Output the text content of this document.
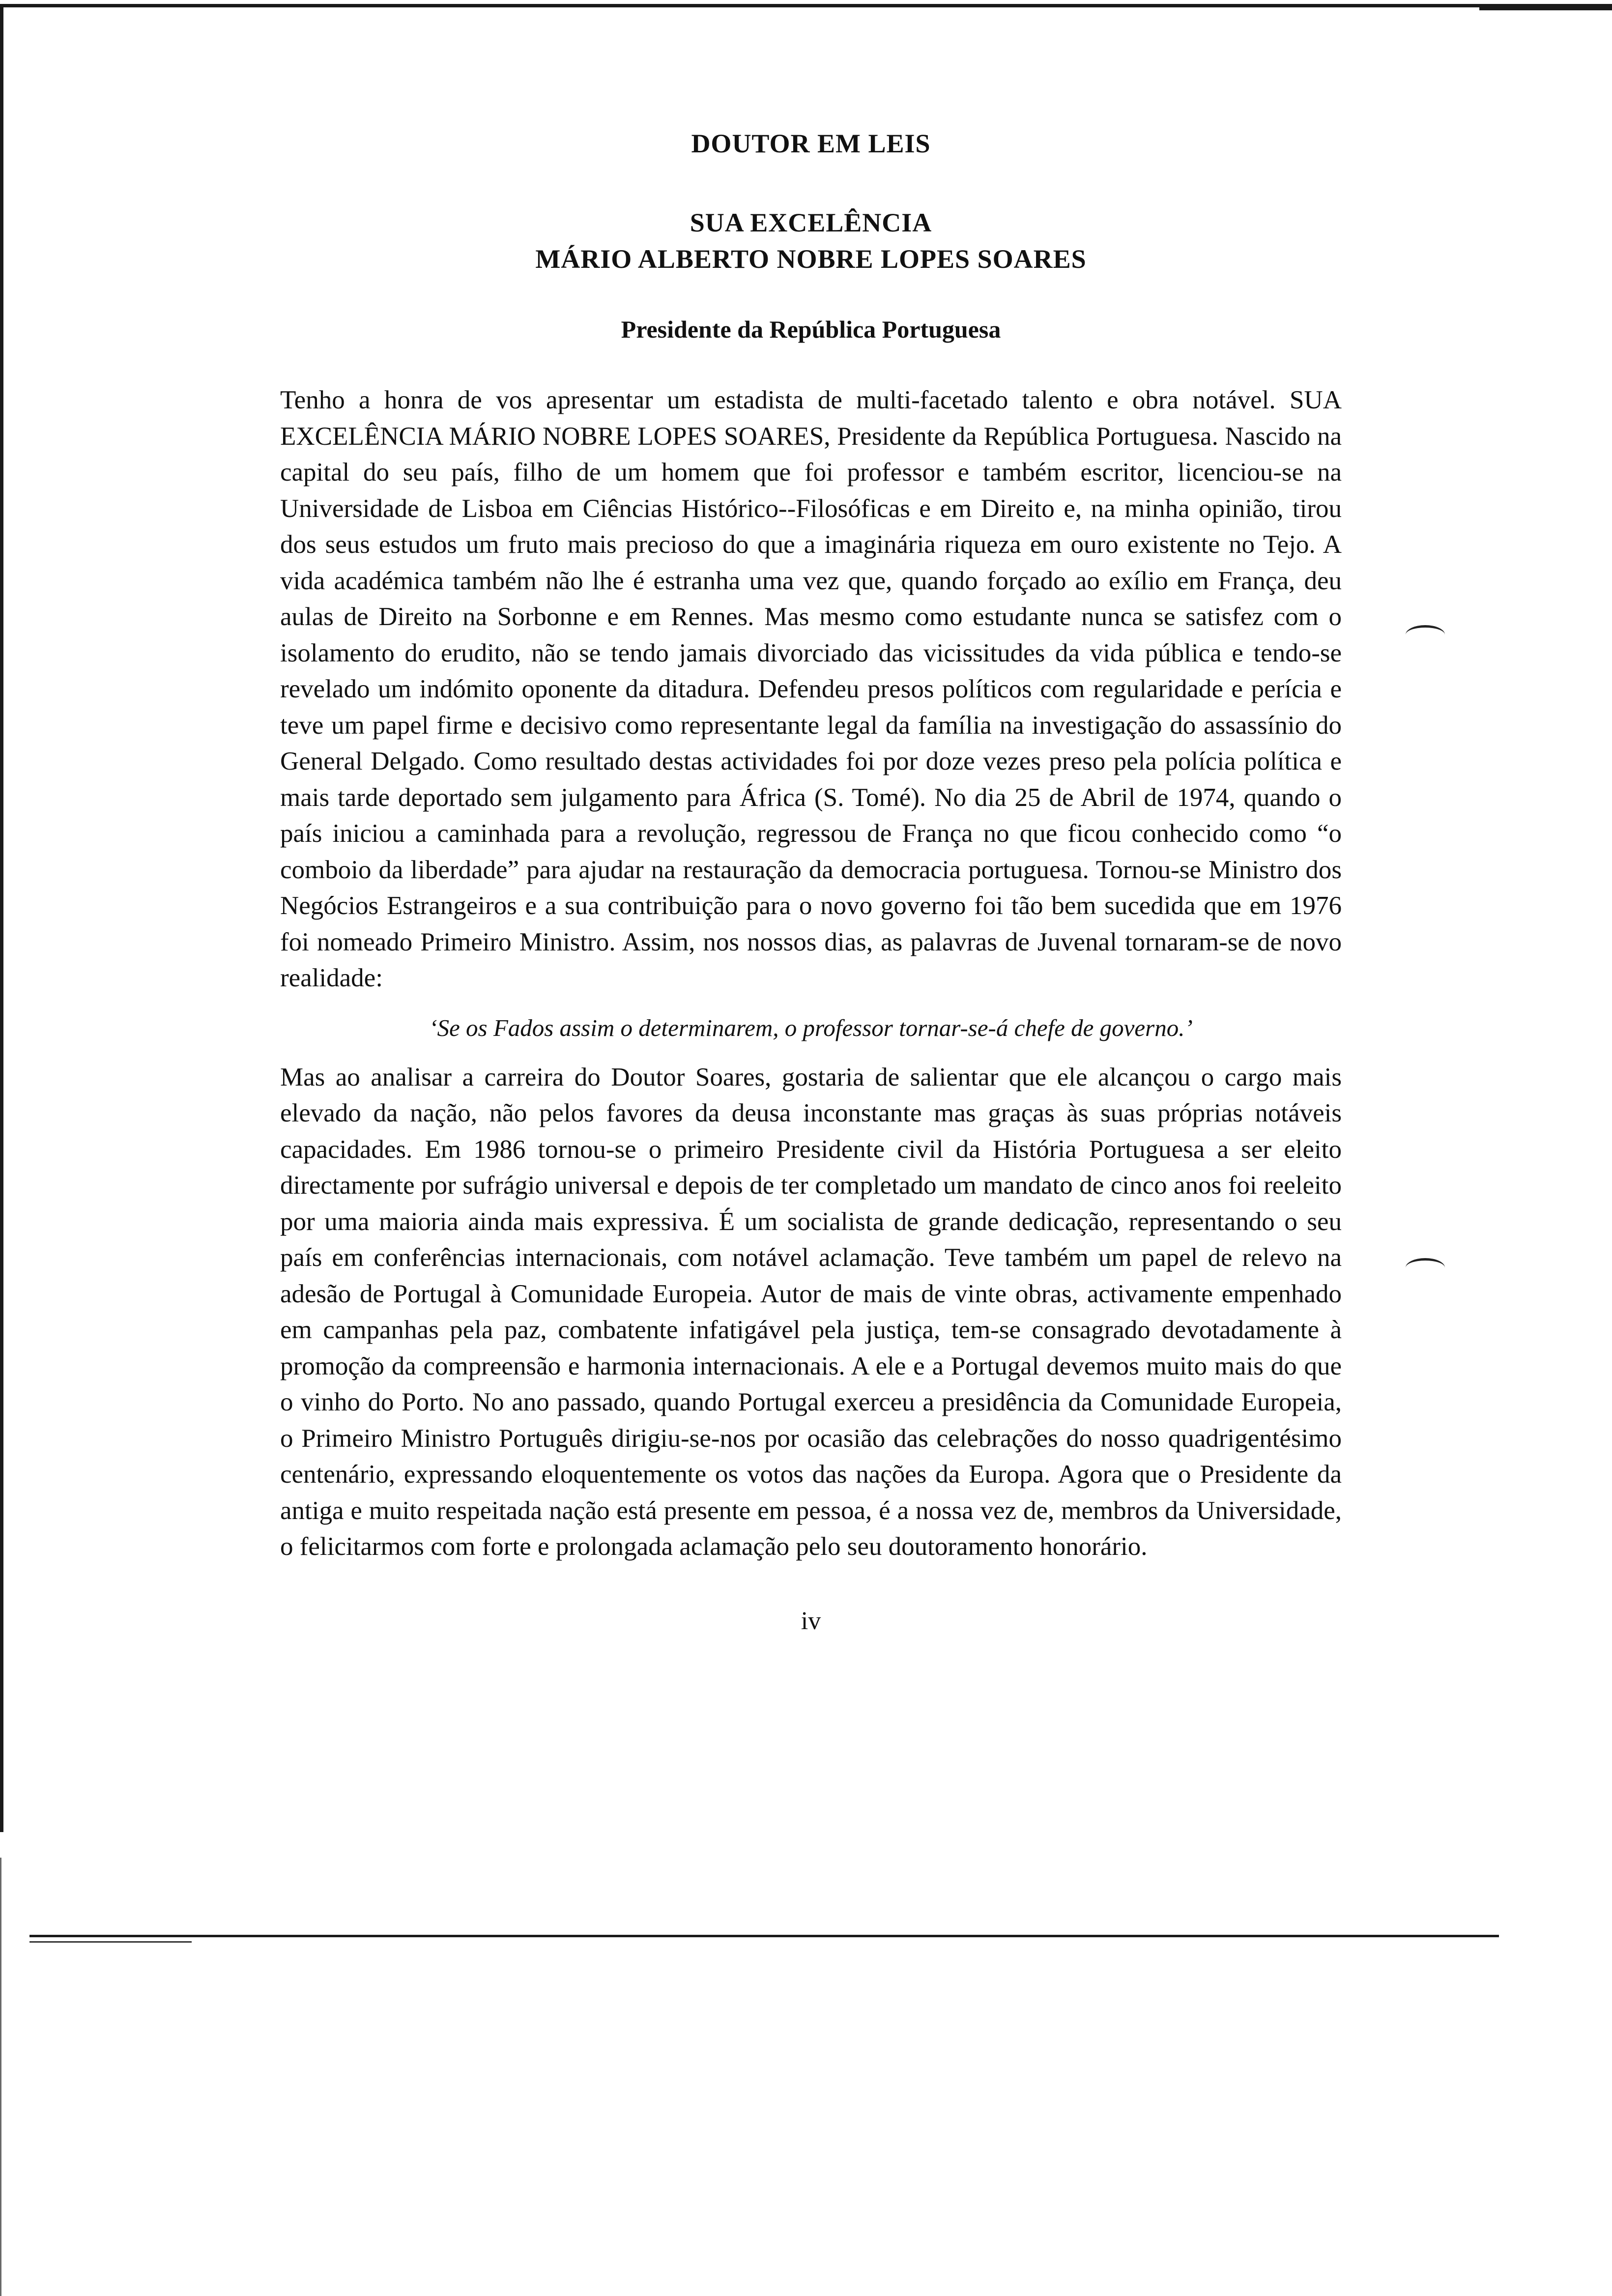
DOUTOR EM LEIS
SUA EXCELÊNCIA
MÁRIO ALBERTO NOBRE LOPES SOARES
Presidente da República Portuguesa

Tenho a honra de vos apresentar um estadista de multi-facetado talento e obra notável. SUA EXCELÊNCIA MÁRIO NOBRE LOPES SOARES, Presidente da República Portuguesa. Nascido na capital do seu país, filho de um homem que foi professor e também escritor, licenciou-se na Universidade de Lisboa em Ciências Histórico--Filosóficas e em Direito e, na minha opinião, tirou dos seus estudos um fruto mais precioso do que a imaginária riqueza em ouro existente no Tejo. A vida académica também não lhe é estranha uma vez que, quando forçado ao exílio em França, deu aulas de Direito na Sorbonne e em Rennes. Mas mesmo como estudante nunca se satisfez com o isolamento do erudito, não se tendo jamais divorciado das vicissitudes da vida pública e tendo-se revelado um indómito oponente da ditadura. Defendeu presos políticos com regularidade e perícia e teve um papel firme e decisivo como representante legal da família na investigação do assassínio do General Delgado. Como resultado destas actividades foi por doze vezes preso pela polícia política e mais tarde deportado sem julgamento para África (S. Tomé). No dia 25 de Abril de 1974, quando o país iniciou a caminhada para a revolução, regressou de França no que ficou conhecido como “o comboio da liberdade” para ajudar na restauração da democracia portuguesa. Tornou-se Ministro dos Negócios Estrangeiros e a sua contribuição para o novo governo foi tão bem sucedida que em 1976 foi nomeado Primeiro Ministro. Assim, nos nossos dias, as palavras de Juvenal tornaram-se de novo realidade:

‘Se os Fados assim o determinarem, o professor tornar-se-á chefe de governo.’

Mas ao analisar a carreira do Doutor Soares, gostaria de salientar que ele alcançou o cargo mais elevado da nação, não pelos favores da deusa inconstante mas graças às suas próprias notáveis capacidades. Em 1986 tornou-se o primeiro Presidente civil da História Portuguesa a ser eleito directamente por sufrágio universal e depois de ter completado um mandato de cinco anos foi reeleito por uma maioria ainda mais expressiva. É um socialista de grande dedicação, representando o seu país em conferências internacionais, com notável aclamação. Teve também um papel de relevo na adesão de Portugal à Comunidade Europeia. Autor de mais de vinte obras, activamente empenhado em campanhas pela paz, combatente infatigável pela justiça, tem-se consagrado devotadamente à promoção da compreensão e harmonia internacionais. A ele e a Portugal devemos muito mais do que o vinho do Porto. No ano passado, quando Portugal exerceu a presidência da Comunidade Europeia, o Primeiro Ministro Português dirigiu-se-nos por ocasião das celebrações do nosso quadrigentésimo centenário, expressando eloquentemente os votos das nações da Europa. Agora que o Presidente da antiga e muito respeitada nação está presente em pessoa, é a nossa vez de, membros da Universidade, o felicitarmos com forte e prolongada aclamação pelo seu doutoramento honorário.

iv
